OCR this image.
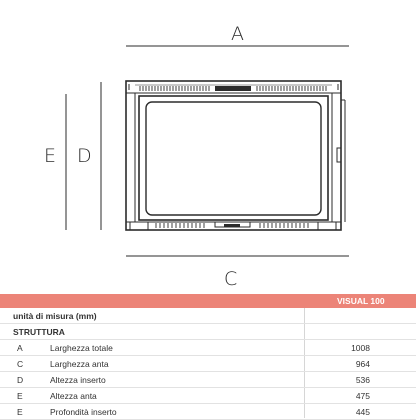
A
C
E D
VISUAL 100
unità di misura (mm)
STRUTTURA
A	Larghezza totale	1008
C	Larghezza anta	964
D	Altezza inserto	536
E	Altezza anta	475
E	Profondità inserto	445
